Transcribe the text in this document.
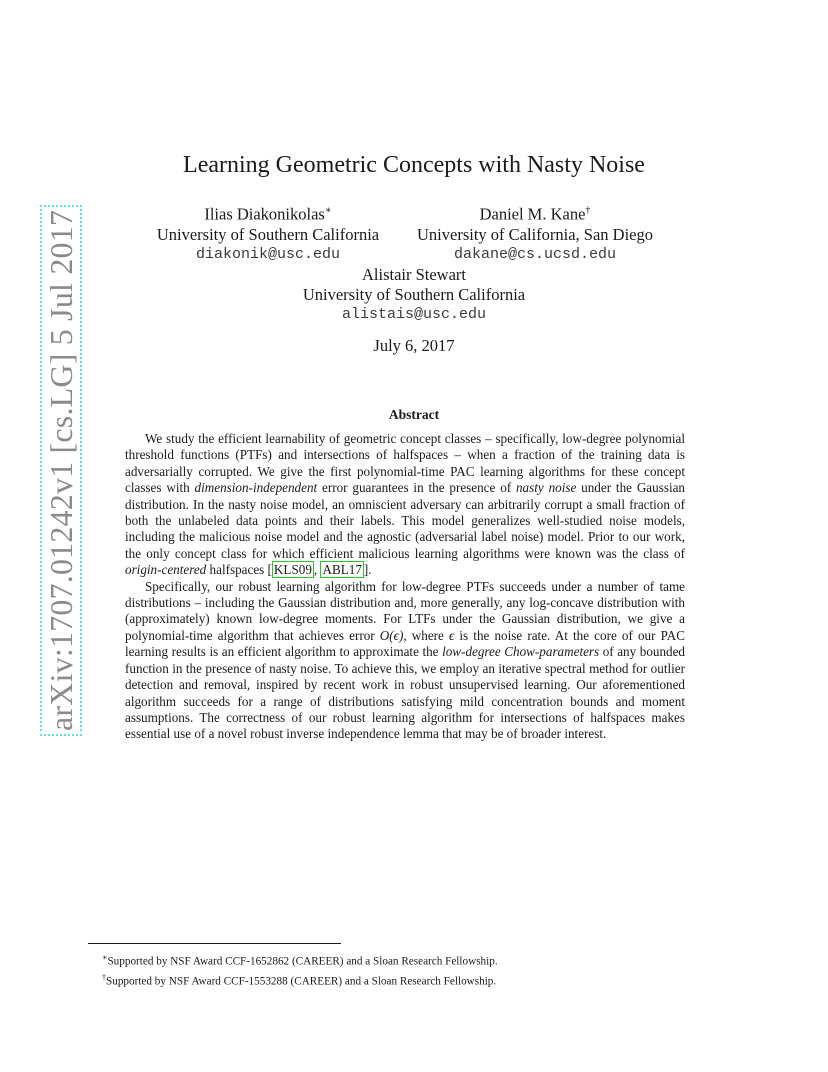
arXiv:1707.01242v1 [cs.LG] 5 Jul 2017
Learning Geometric Concepts with Nasty Noise
Ilias Diakonikolas∗
University of Southern California
diakonik@usc.edu
Daniel M. Kane†
University of California, San Diego
dakane@cs.ucsd.edu
Alistair Stewart
University of Southern California
alistais@usc.edu
July 6, 2017
Abstract

We study the efficient learnability of geometric concept classes – specifically, low-degree polynomial threshold functions (PTFs) and intersections of halfspaces – when a fraction of the training data is adversarially corrupted. We give the first polynomial-time PAC learning algorithms for these concept classes with dimension-independent error guarantees in the presence of nasty noise under the Gaussian distribution. In the nasty noise model, an omniscient adversary can arbitrarily corrupt a small fraction of both the unlabeled data points and their labels. This model generalizes well-studied noise models, including the malicious noise model and the agnostic (adversarial label noise) model. Prior to our work, the only concept class for which efficient malicious learning algorithms were known was the class of origin-centered halfspaces [ KLS09 , ABL17 ].

Specifically, our robust learning algorithm for low-degree PTFs succeeds under a number of tame distributions – including the Gaussian distribution and, more generally, any log-concave distribution with (approximately) known low-degree moments. For LTFs under the Gaussian distribution, we give a polynomial-time algorithm that achieves error O(ϵ), where ϵ is the noise rate. At the core of our PAC learning results is an efficient algorithm to approximate the low-degree Chow-parameters of any bounded function in the presence of nasty noise. To achieve this, we employ an iterative spectral method for outlier detection and removal, inspired by recent work in robust unsupervised learning. Our aforementioned algorithm succeeds for a range of distributions satisfying mild concentration bounds and moment assumptions. The correctness of our robust learning algorithm for intersections of halfspaces makes essential use of a novel robust inverse independence lemma that may be of broader interest.

∗Supported by NSF Award CCF-1652862 (CAREER) and a Sloan Research Fellowship.
†Supported by NSF Award CCF-1553288 (CAREER) and a Sloan Research Fellowship.
